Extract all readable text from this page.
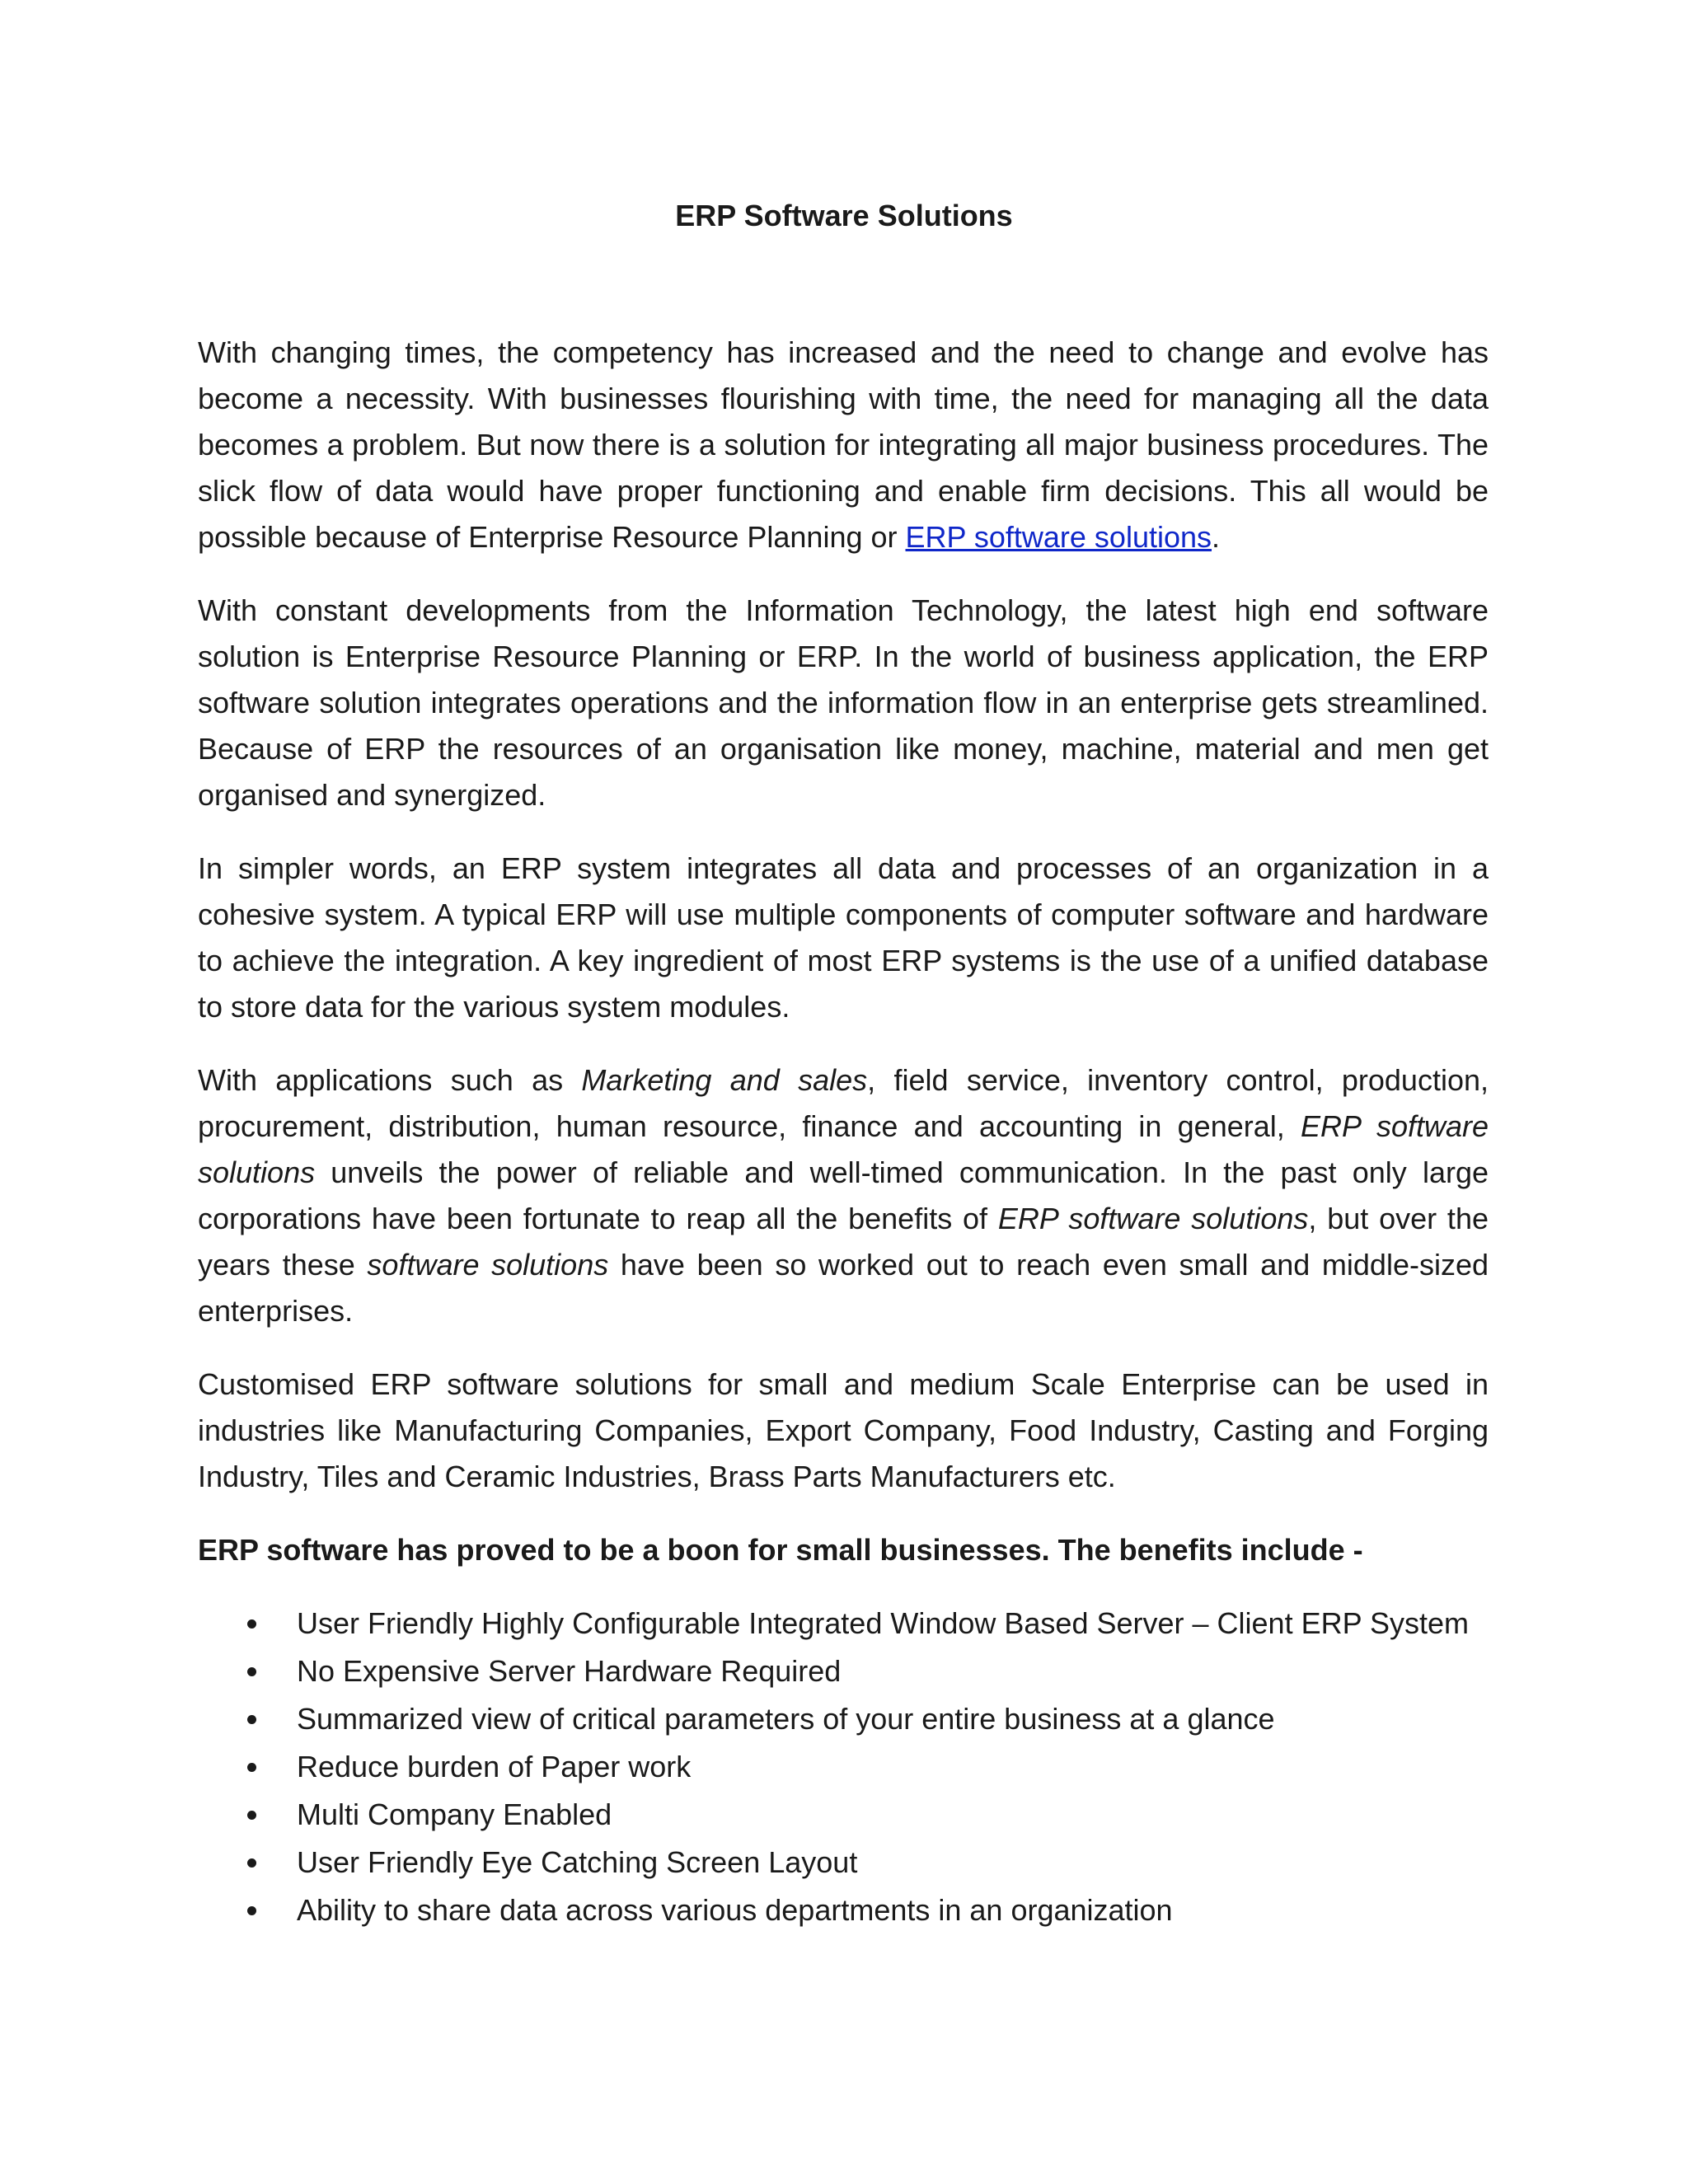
ERP Software Solutions

With changing times, the competency has increased and the need to change and evolve has become a necessity. With businesses flourishing with time, the need for managing all the data becomes a problem. But now there is a solution for integrating all major business procedures. The slick flow of data would have proper functioning and enable firm decisions. This all would be possible because of Enterprise Resource Planning or ERP software solutions.

With constant developments from the Information Technology, the latest high end software solution is Enterprise Resource Planning or ERP. In the world of business application, the ERP software solution integrates operations and the information flow in an enterprise gets streamlined. Because of ERP the resources of an organisation like money, machine, material and men get organised and synergized.

In simpler words, an ERP system integrates all data and processes of an organization in a cohesive system. A typical ERP will use multiple components of computer software and hardware to achieve the integration. A key ingredient of most ERP systems is the use of a unified database to store data for the various system modules.

With applications such as Marketing and sales, field service, inventory control, production, procurement, distribution, human resource, finance and accounting in general, ERP software solutions unveils the power of reliable and well-timed communication. In the past only large corporations have been fortunate to reap all the benefits of ERP software solutions, but over the years these software solutions have been so worked out to reach even small and middle-sized enterprises.

Customised ERP software solutions for small and medium Scale Enterprise can be used in industries like Manufacturing Companies, Export Company, Food Industry, Casting and Forging Industry, Tiles and Ceramic Industries, Brass Parts Manufacturers etc.

ERP software has proved to be a boon for small businesses. The benefits include -

User Friendly Highly Configurable Integrated Window Based Server – Client ERP System
No Expensive Server Hardware Required
Summarized view of critical parameters of your entire business at a glance
Reduce burden of Paper work
Multi Company Enabled
User Friendly Eye Catching Screen Layout
Ability to share data across various departments in an organization
